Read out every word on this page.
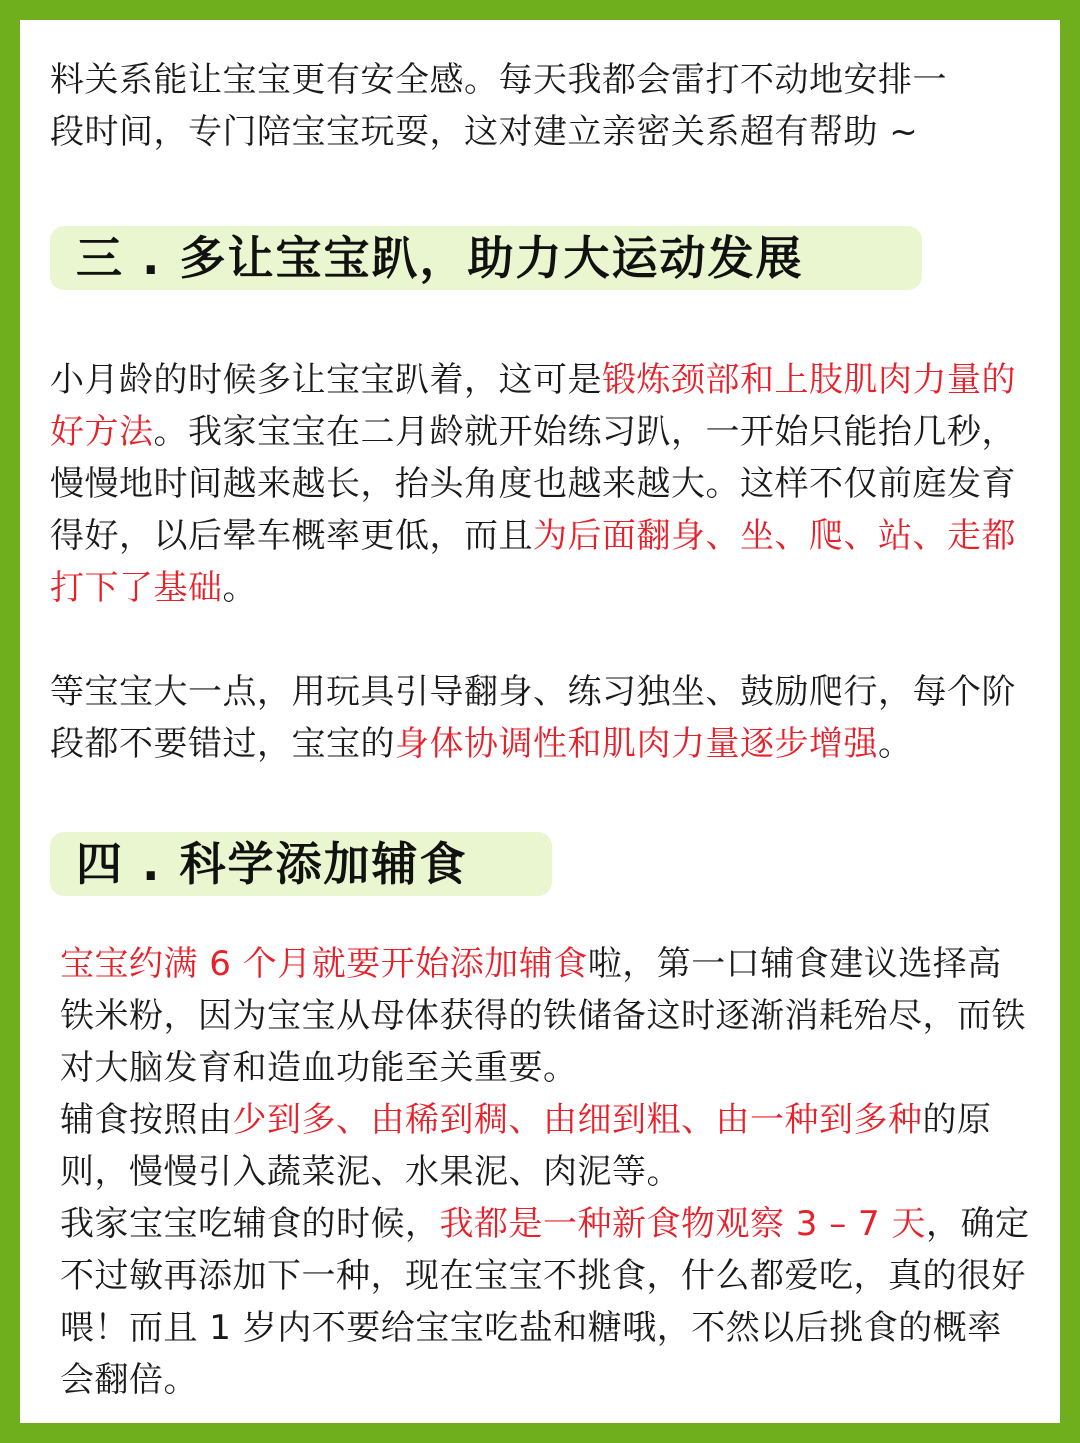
料关系能让宝宝更有安全感。每天我都会雷打不动地安排一
段时间，专门陪宝宝玩耍，这对建立亲密关系超有帮助 ~

三 . 多让宝宝趴，助力大运动发展

小月龄的时候多让宝宝趴着，这可是锻炼颈部和上肢肌肉力量的好方法。我家宝宝在二月龄就开始练习趴，一开始只能抬几秒，慢慢地时间越来越长，抬头角度也越来越大。这样不仅前庭发育得好，以后晕车概率更低，而且为后面翻身、坐、爬、站、走都打下了基础。

等宝宝大一点，用玩具引导翻身、练习独坐、鼓励爬行，每个阶段都不要错过，宝宝的身体协调性和肌肉力量逐步增强。

四 . 科学添加辅食
宝宝约满 6 个月就要开始添加辅食啦，第一口辅食建议选择高铁米粉，因为宝宝从母体获得的铁储备这时逐渐消耗殆尽，而铁对大脑发育和造血功能至关重要。
辅食按照由少到多、由稀到稠、由细到粗、由一种到多种的原则，慢慢引入蔬菜泥、水果泥、肉泥等。
我家宝宝吃辅食的时候，我都是一种新食物观察 3 – 7 天，确定不过敏再添加下一种，现在宝宝不挑食，什么都爱吃，真的很好喂！而且 1 岁内不要给宝宝吃盐和糖哦，不然以后挑食的概率会翻倍。
